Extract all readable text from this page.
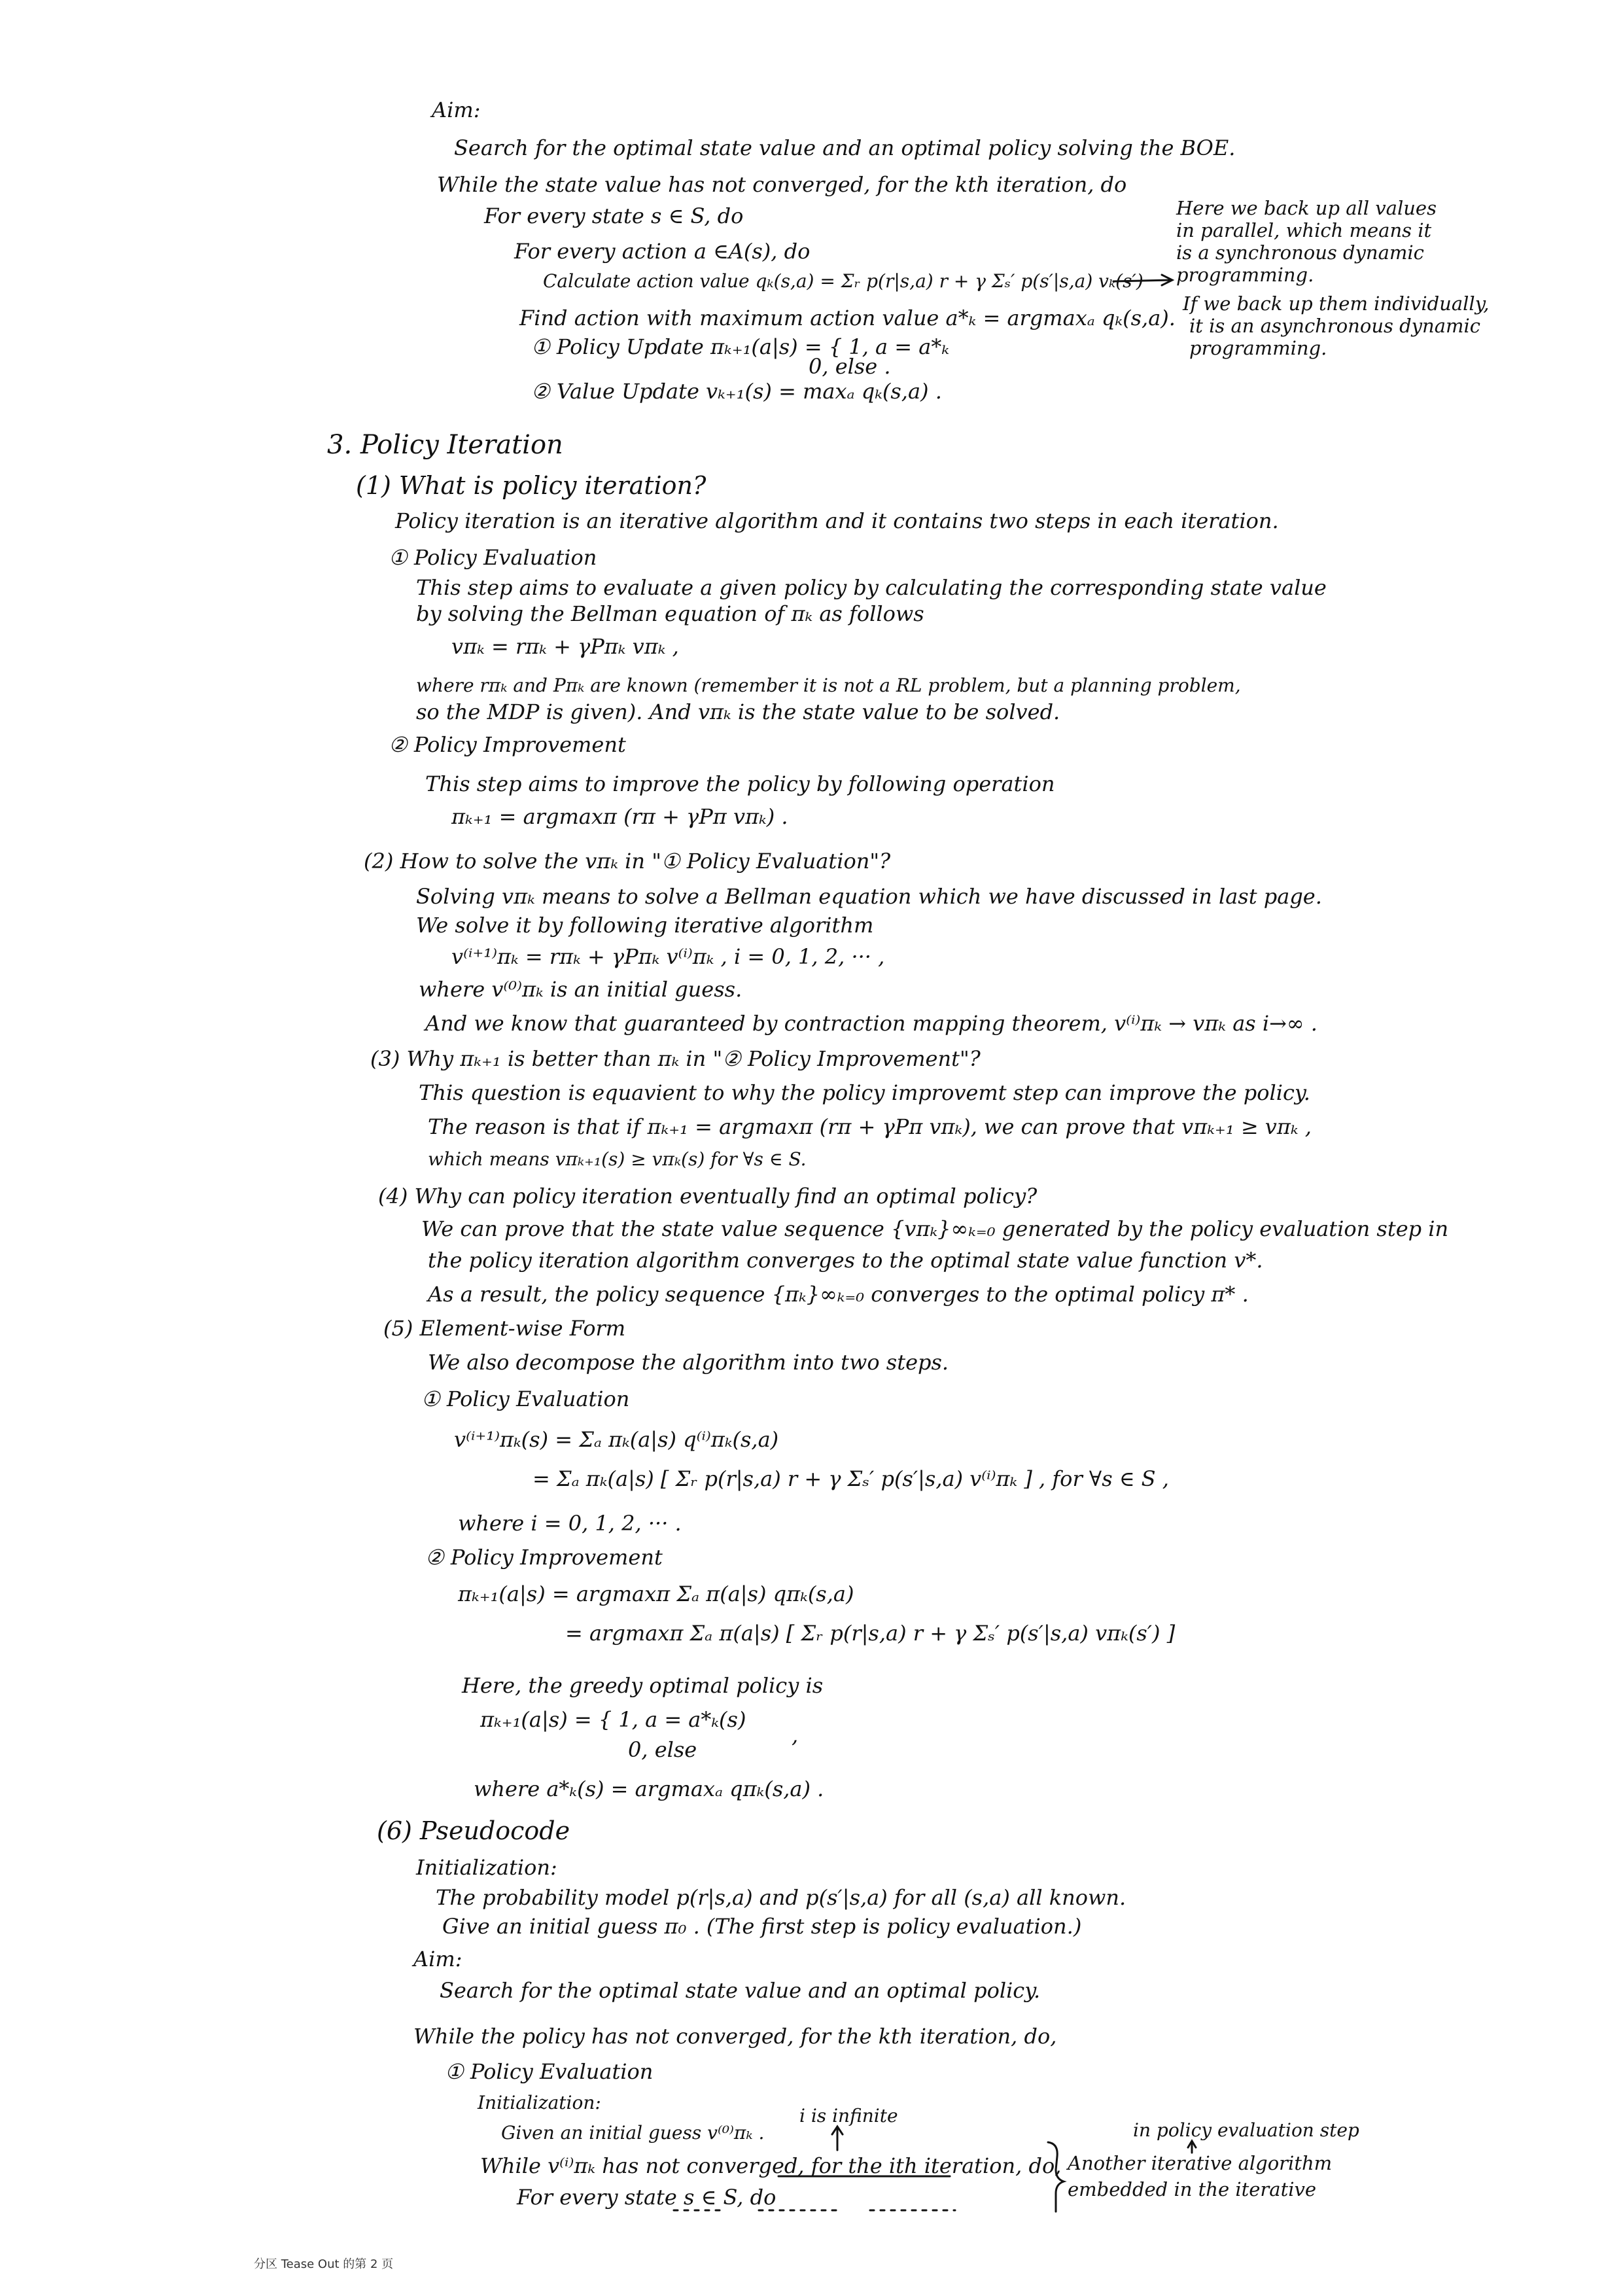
Aim:
Search for the optimal state value and an optimal policy solving the BOE.
While the state value has not converged, for the kth iteration, do
For every state s ∈ S, do
For every action a ∈A(s), do
Calculate action value qₖ(s,a) = Σᵣ p(r|s,a) r + γ Σₛ′ p(s′|s,a) vₖ(s′)
Find action with maximum action value a*ₖ = argmaxₐ qₖ(s,a).
① Policy Update πₖ₊₁(a|s) = { 1, a = a*ₖ
0, else .
② Value Update vₖ₊₁(s) = maxₐ qₖ(s,a) .
Here we back up all values
in parallel, which means it
is a synchronous dynamic
programming.
If we back up them individually,
it is an asynchronous dynamic
programming.
3. Policy Iteration
(1) What is policy iteration?
Policy iteration is an iterative algorithm and it contains two steps in each iteration.
① Policy Evaluation
This step aims to evaluate a given policy by calculating the corresponding state value
by solving the Bellman equation of πₖ as follows
vπₖ = rπₖ + γPπₖ vπₖ ,
where rπₖ and Pπₖ are known (remember it is not a RL problem, but a planning problem,
so the MDP is given). And vπₖ is the state value to be solved.
② Policy Improvement
This step aims to improve the policy by following operation
πₖ₊₁ = argmaxπ (rπ + γPπ vπₖ) .
(2) How to solve the vπₖ in "① Policy Evaluation"?
Solving vπₖ means to solve a Bellman equation which we have discussed in last page.
We solve it by following iterative algorithm
v⁽ⁱ⁺¹⁾πₖ = rπₖ + γPπₖ v⁽ⁱ⁾πₖ , i = 0, 1, 2, ··· ,
where v⁽⁰⁾πₖ is an initial guess.
And we know that guaranteed by contraction mapping theorem, v⁽ⁱ⁾πₖ → vπₖ as i→∞ .
(3) Why πₖ₊₁ is better than πₖ in "② Policy Improvement"?
This question is equavient to why the policy improvemt step can improve the policy.
The reason is that if πₖ₊₁ = argmaxπ (rπ + γPπ vπₖ), we can prove that vπₖ₊₁ ≥ vπₖ ,
which means vπₖ₊₁(s) ≥ vπₖ(s) for ∀s ∈ S.
(4) Why can policy iteration eventually find an optimal policy?
We can prove that the state value sequence {vπₖ}∞ₖ₌₀ generated by the policy evaluation step in
the policy iteration algorithm converges to the optimal state value function v*.
As a result, the policy sequence {πₖ}∞ₖ₌₀ converges to the optimal policy π* .
(5) Element-wise Form
We also decompose the algorithm into two steps.
① Policy Evaluation
v⁽ⁱ⁺¹⁾πₖ(s) = Σₐ πₖ(a|s) q⁽ⁱ⁾πₖ(s,a)
= Σₐ πₖ(a|s) [ Σᵣ p(r|s,a) r + γ Σₛ′ p(s′|s,a) v⁽ⁱ⁾πₖ ] , for ∀s ∈ S ,
where i = 0, 1, 2, ··· .
② Policy Improvement
πₖ₊₁(a|s) = argmaxπ Σₐ π(a|s) qπₖ(s,a)
= argmaxπ Σₐ π(a|s) [ Σᵣ p(r|s,a) r + γ Σₛ′ p(s′|s,a) vπₖ(s′) ]
Here, the greedy optimal policy is
πₖ₊₁(a|s) = { 1, a = a*ₖ(s)
0, else
,
where a*ₖ(s) = argmaxₐ qπₖ(s,a) .
(6) Pseudocode
Initialization:
The probability model p(r|s,a) and p(s′|s,a) for all (s,a) all known.
Give an initial guess π₀ . (The first step is policy evaluation.)
Aim:
Search for the optimal state value and an optimal policy.
While the policy has not converged, for the kth iteration, do,
① Policy Evaluation
Initialization:
Given an initial guess v⁽⁰⁾πₖ .
i is infinite
While v⁽ⁱ⁾πₖ has not converged, for the ith iteration, do,
For every state s ∈ S, do
in policy evaluation step
Another iterative algorithm
embedded in the iterative
分区 Tease Out 的第 2 页
